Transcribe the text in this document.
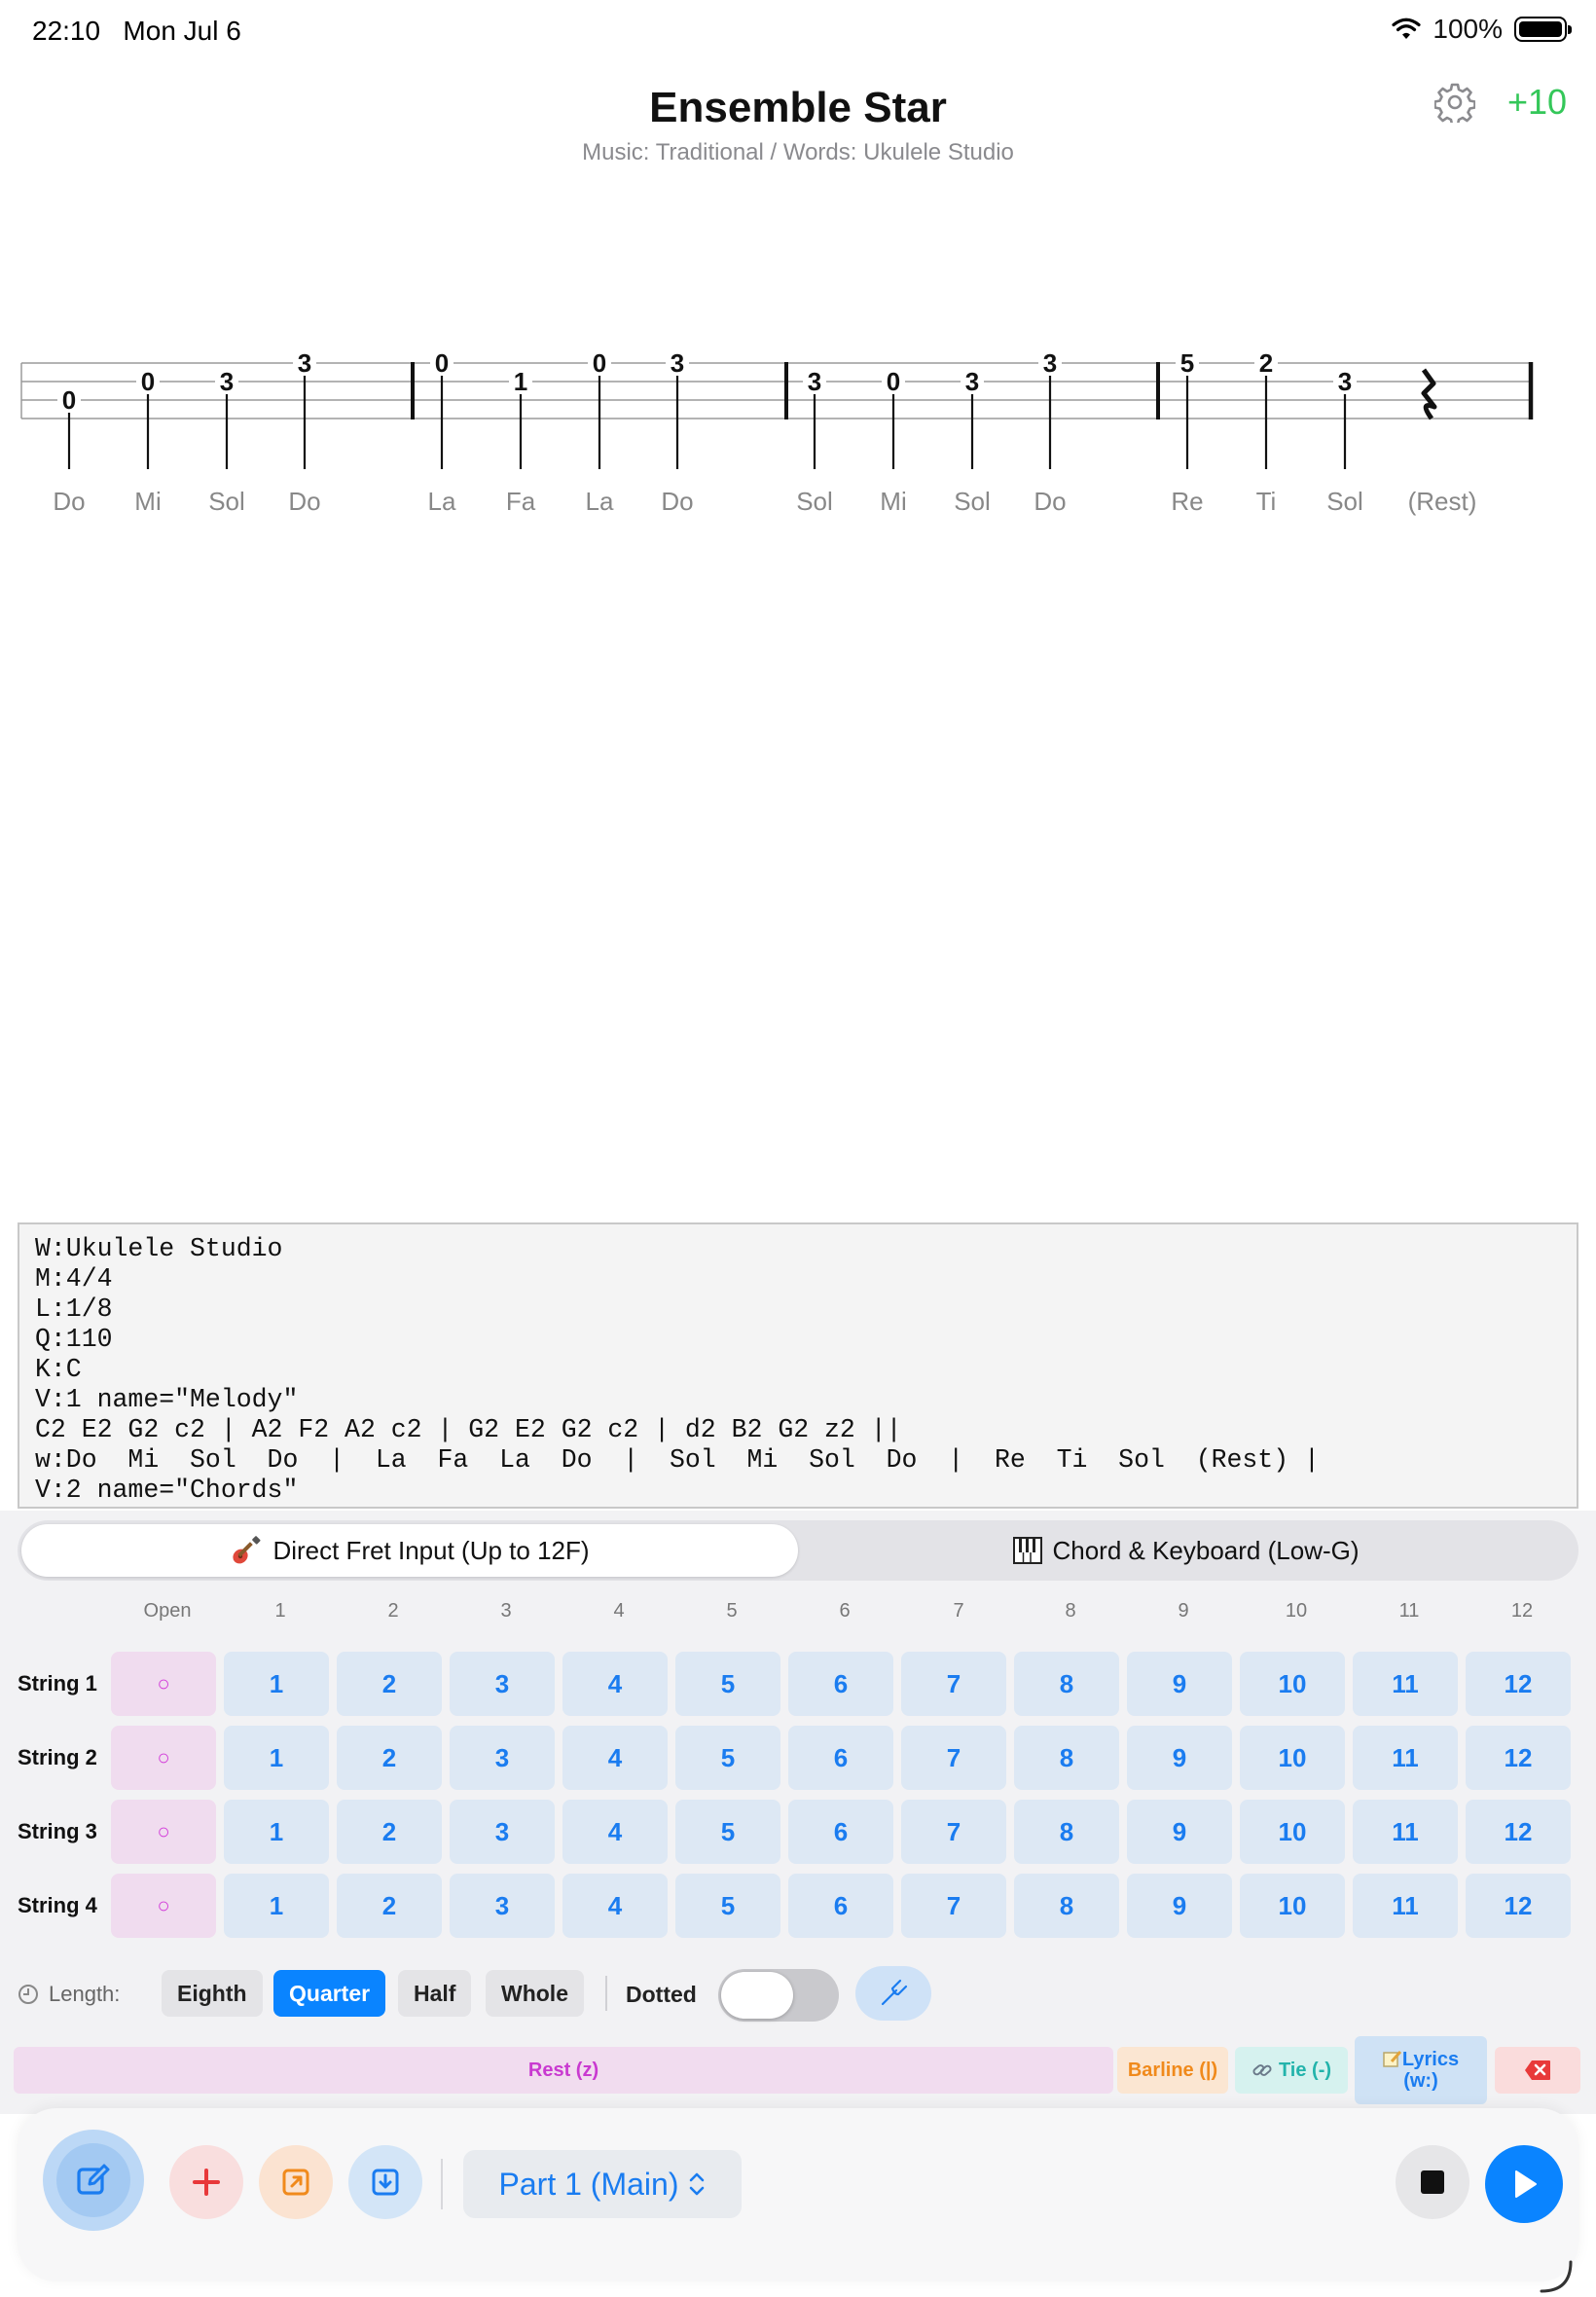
22:10 Mon Jul 6	100%
Ensemble Star
Music: Traditional / Words: Ukulele Studio
+10
0
Do
0
Mi
3
Sol
3
Do
0
La
1
Fa
0
La
3
Do
3
Sol
0
Mi
3
Sol
3
Do
5
Re
2
Ti
3
Sol (Rest)
W:Ukulele Studio
M:4/4
L:1/8
Q:110
K:C
V:1 name="Melody"
C2 E2 G2 c2 | A2 F2 A2 c2 | G2 E2 G2 c2 | d2 B2 G2 z2 ||
w:Do  Mi  Sol  Do  |  La  Fa  La  Do  |  Sol  Mi  Sol  Do  |  Re  Ti  Sol  (Rest) |
V:2 name="Chords"
Direct Fret Input (Up to 12F)	Chord & Keyboard (Low-G)
Open	1	2	3	4	5	6	7	8	9	10	11	12
String 1	○	1	2	3	4	5	6	7	8	9	10	11	12
String 2	○	1	2	3	4	5	6	7	8	9	10	11	12
String 3	○	1	2	3	4	5	6	7	8	9	10	11	12
String 4	○	1	2	3	4	5	6	7	8	9	10	11	12
Length:	Eighth	Quarter	Half	Whole	Dotted
Rest (z)	Barline (|)	Tie (-)	Lyrics
(w:)
Part 1 (Main)
